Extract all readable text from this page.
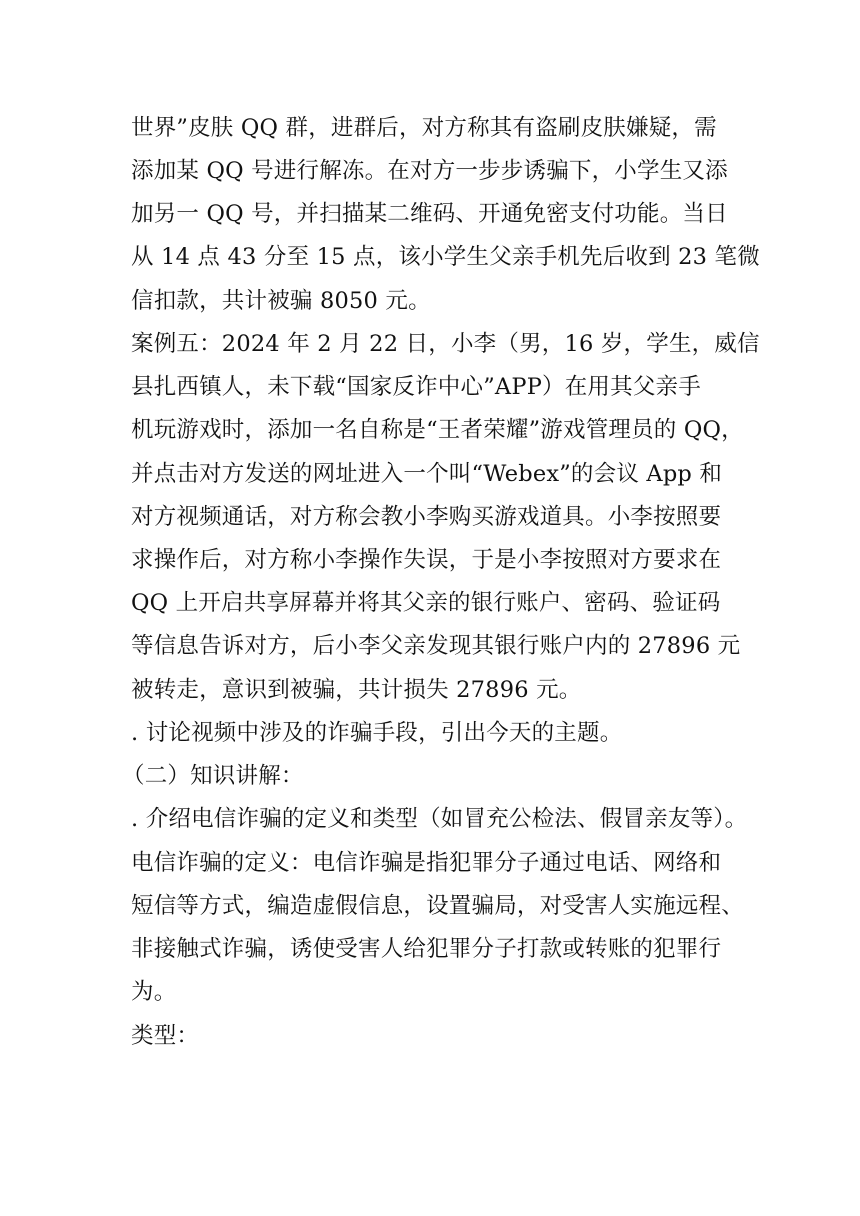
世界”皮肤 QQ 群，进群后，对方称其有盗刷皮肤嫌疑，需
添加某 QQ 号进行解冻。在对方一步步诱骗下，小学生又添
加另一 QQ 号，并扫描某二维码、开通免密支付功能。当日
从 14 点 43 分至 15 点，该小学生父亲手机先后收到 23 笔微
信扣款，共计被骗 8050 元。
案例五：2024 年 2 月 22 日，小李（男，16 岁，学生，威信
县扎西镇人，未下载“国家反诈中心”APP）在用其父亲手
机玩游戏时，添加一名自称是“王者荣耀”游戏管理员的 QQ，
并点击对方发送的网址进入一个叫“Webex”的会议 App 和
对方视频通话，对方称会教小李购买游戏道具。小李按照要
求操作后，对方称小李操作失误，于是小李按照对方要求在
QQ 上开启共享屏幕并将其父亲的银行账户、密码、验证码
等信息告诉对方，后小李父亲发现其银行账户内的 27896 元
被转走，意识到被骗，共计损失 27896 元。
. 讨论视频中涉及的诈骗手段，引出今天的主题。
（二）知识讲解：
. 介绍电信诈骗的定义和类型（如冒充公检法、假冒亲友等）。
电信诈骗的定义：电信诈骗是指犯罪分子通过电话、网络和
短信等方式，编造虚假信息，设置骗局，对受害人实施远程、
非接触式诈骗，诱使受害人给犯罪分子打款或转账的犯罪行
为。
类型：
